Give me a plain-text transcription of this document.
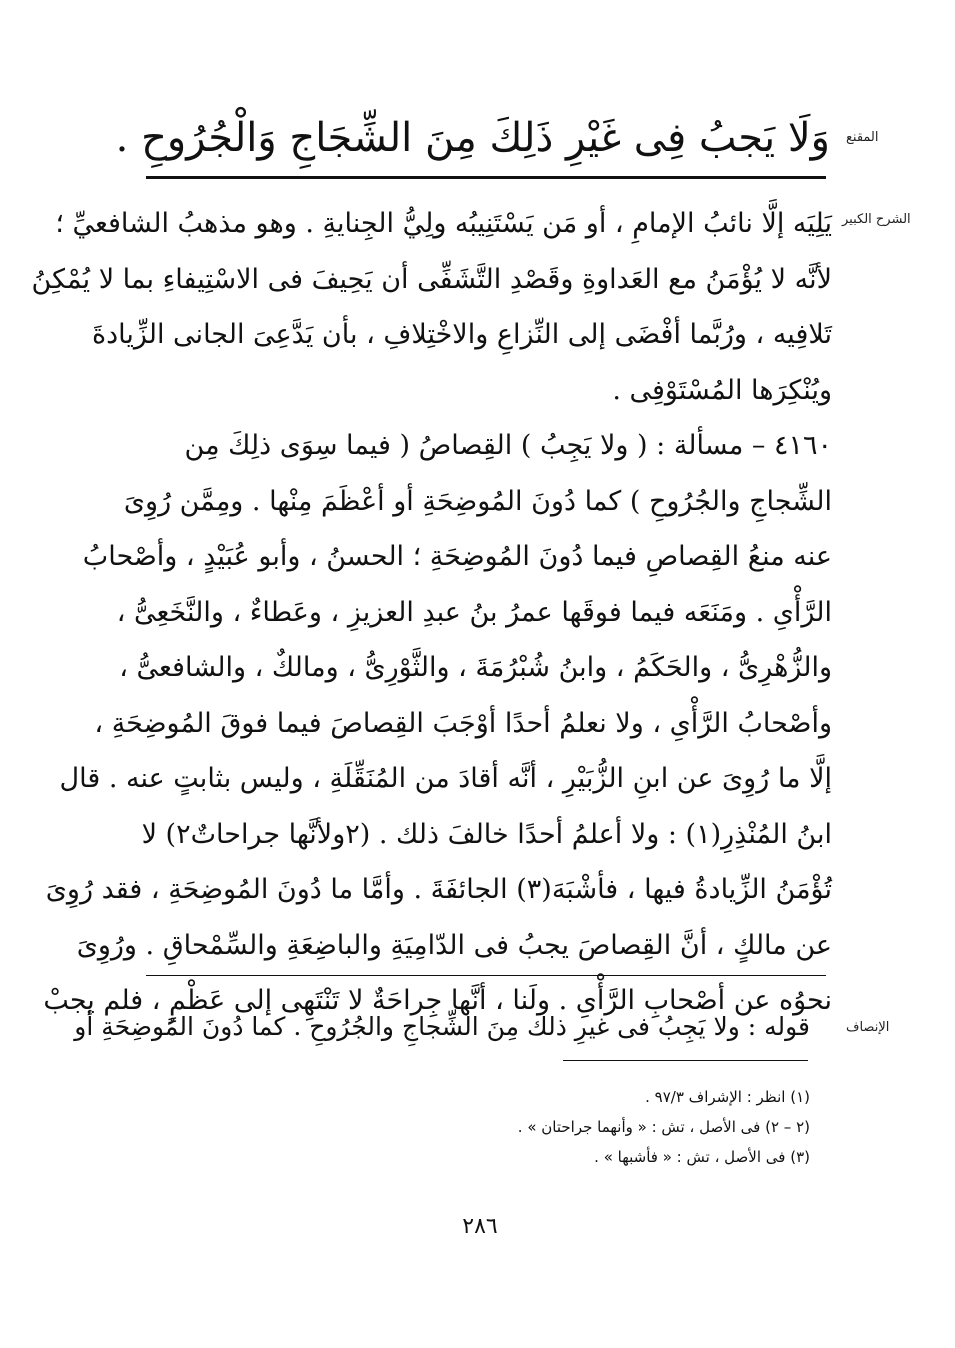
المقنع
وَلَا يَجبُ فِى غَيْرِ ذَلِكَ مِنَ الشِّجَاجِ وَالْجُرُوحِ .
الشرح الكبير
يَلِيَه إلَّا نائبُ الإمامِ ، أو مَن يَسْتَنِيبُه ولِيُّ الجِنايةِ . وهو مذهبُ الشافعيِّ ؛
لأنَّه لا يُؤْمَنُ مع العَداوةِ وقَصْدِ التَّشَفِّى أن يَحِيفَ فى الاسْتِيفاءِ بما لا يُمْكِنُ
تَلافِيه ، ورُبَّما أفْضَى إلى النِّزاعِ والاخْتِلافِ ، بأن يَدَّعِىَ الجانى الزِّيادةَ
ويُنْكِرَها المُسْتَوْفِى .
٤١٦٠ – مسألة : ( ولا يَجِبُ ) القِصاصُ ( فيما سِوَى ذلِكَ مِن
الشِّجاجِ والجُرُوحِ ) كما دُونَ المُوضِحَةِ أو أعْظَمَ مِنْها . ومِمَّن رُوِىَ
عنه منعُ القِصاصِ فيما دُونَ المُوضِحَةِ ؛ الحسنُ ، وأبو عُبَيْدٍ ، وأصْحابُ
الرَّأْىِ . ومَنَعَه فيما فوقَها عمرُ بنُ عبدِ العزيزِ ، وعَطاءٌ ، والنَّخَعِىُّ ،
والزُّهْرِىُّ ، والحَكَمُ ، وابنُ شُبْرُمَةَ ، والثَّوْرِىُّ ، ومالكٌ ، والشافعىُّ ،
وأصْحابُ الرَّأْىِ ، ولا نعلمُ أحدًا أوْجَبَ القِصاصَ فيما فوقَ المُوضِحَةِ ،
إلَّا ما رُوِىَ عن ابنِ الزُّبَيْرِ ، أنَّه أقادَ من المُنَقِّلَةِ ، وليس بثابتٍ عنه . قال
ابنُ المُنْذِرِ(١) : ولا أعلمُ أحدًا خالفَ ذلك . (٢ولأنَّها جراحاتٌ٢) لا
تُؤْمَنُ الزِّيادةُ فيها ، فأشْبَهَ(٣) الجائفَةَ . وأمَّا ما دُونَ المُوضِحَةِ ، فقد رُوِىَ
عن مالكٍ ، أنَّ القِصاصَ يجبُ فى الدّامِيَةِ والباضِعَةِ والسِّمْحاقِ . ورُوِىَ
نحوُه عن أصْحابِ الرَّأْىِ . ولَنا ، أنَّها جِراحَةٌ لا تَنْتَهِى إلى عَظْمٍ ، فلم يجبْ
الإنصاف
قوله : ولا يَجِبُ فى غيرِ ذلك مِنَ الشِّجاجِ والجُرُوحِ . كما دُونَ المُوضِحَةِ أو
(١) انظر : الإشراف ٩٧/٣ .
(٢ – ٢) فى الأصل ، تش : « وأنهما جراحتان » .
(٣) فى الأصل ، تش : « فأشبها » .
٢٨٦
